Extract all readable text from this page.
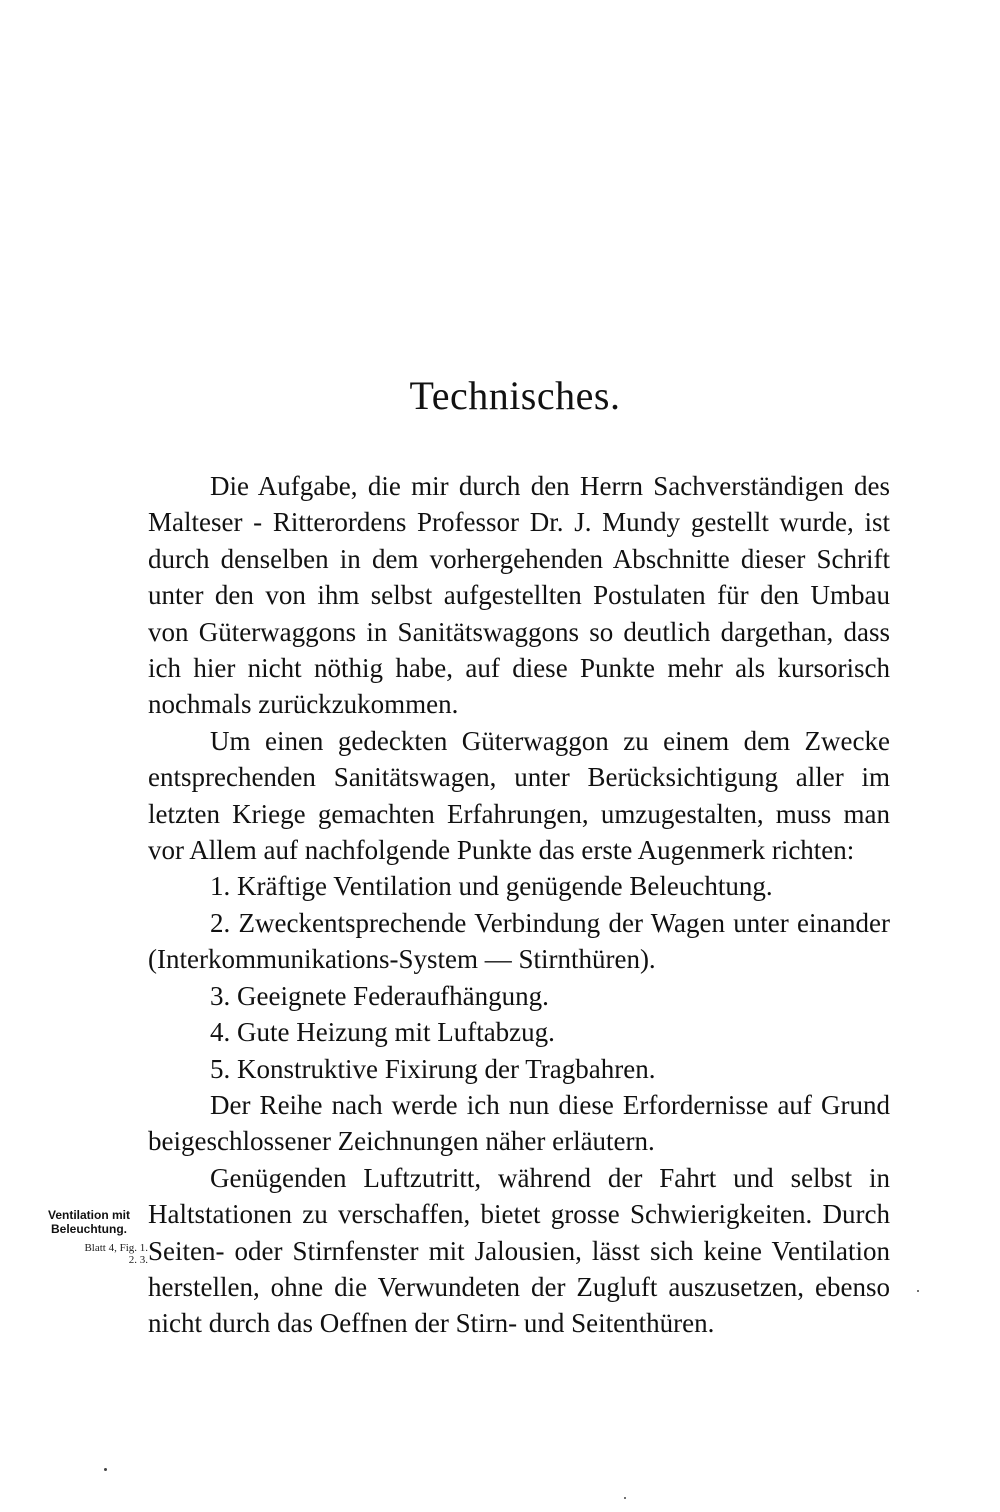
Technisches.

Die Aufgabe, die mir durch den Herrn Sachverständigen des Malteser - Ritterordens Professor Dr. J. Mundy gestellt wurde, ist durch denselben in dem vorhergehenden Abschnitte dieser Schrift unter den von ihm selbst aufgestellten Postulaten für den Umbau von Güterwaggons in Sanitätswaggons so deutlich dargethan, dass ich hier nicht nöthig habe, auf diese Punkte mehr als kursorisch nochmals zurückzukommen.

Um einen gedeckten Güterwaggon zu einem dem Zwecke entsprechenden Sanitätswagen, unter Berücksichtigung aller im letzten Kriege gemachten Erfahrungen, umzugestalten, muss man vor Allem auf nachfolgende Punkte das erste Augenmerk richten:

1. Kräftige Ventilation und genügende Beleuchtung.

2. Zweckentsprechende Verbindung der Wagen unter einander (Interkommunikations-System — Stirnthüren).

3. Geeignete Federaufhängung.

4. Gute Heizung mit Luftabzug.

5. Konstruktive Fixirung der Tragbahren.

Der Reihe nach werde ich nun diese Erfordernisse auf Grund beigeschlossener Zeichnungen näher erläutern.

Genügenden Luftzutritt, während der Fahrt und selbst in Haltstationen zu verschaffen, bietet grosse Schwierigkeiten. Durch Seiten- oder Stirnfenster mit Jalousien, lässt sich keine Ventilation herstellen, ohne die Verwundeten der Zugluft auszusetzen, ebenso nicht durch das Oeffnen der Stirn- und Seitenthüren.

Ventilation mit Beleuchtung.
Blatt 4, Fig. 1.
2. 3.
